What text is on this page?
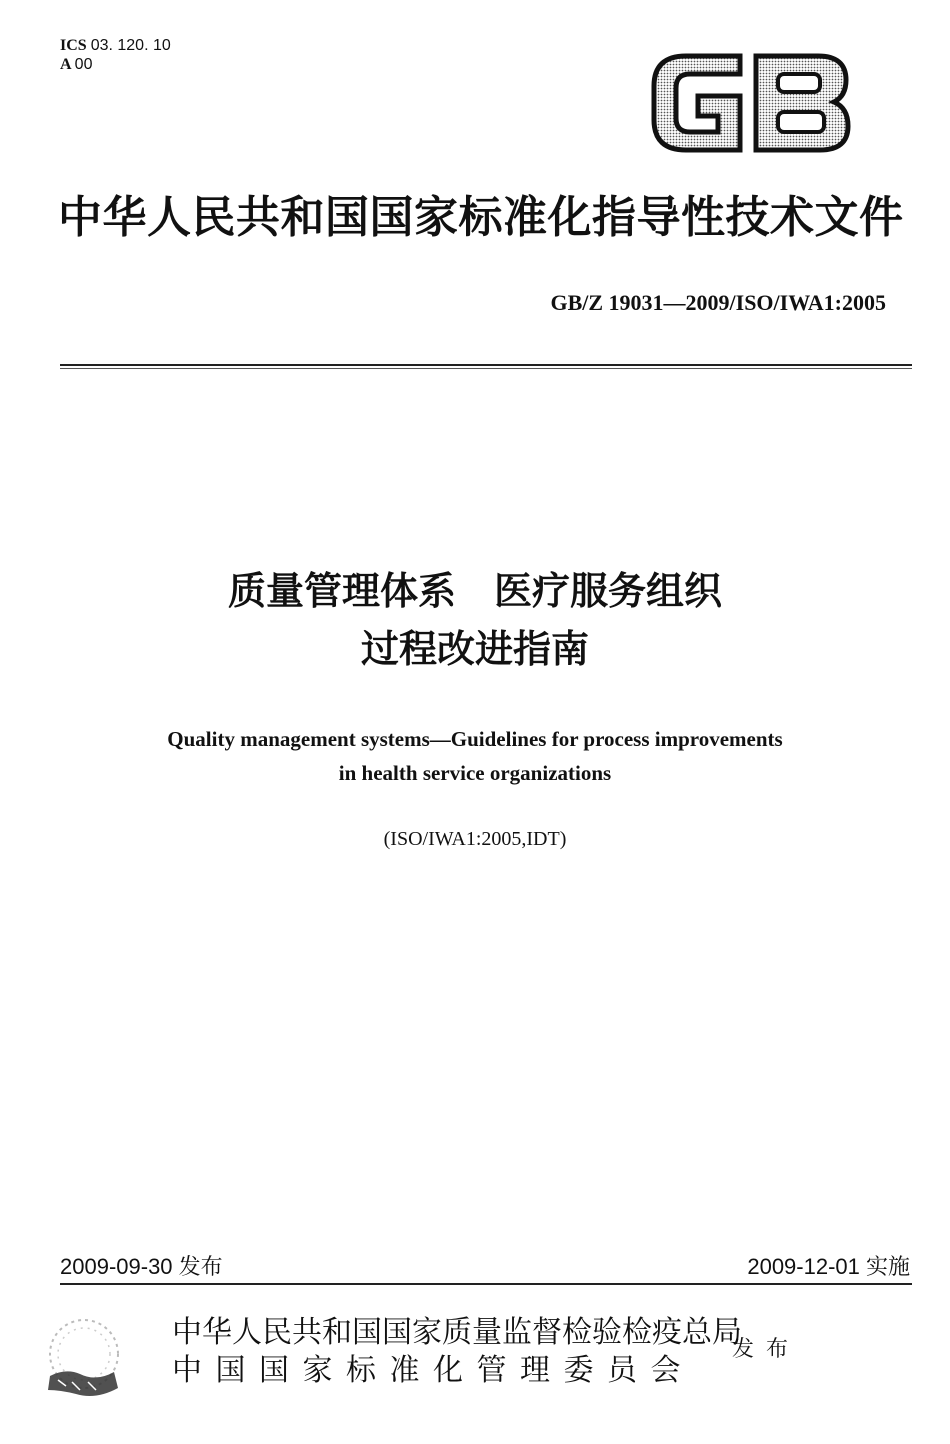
ICS 03. 120. 10
A 00
中华人民共和国国家标准化指导性技术文件
GB/Z 19031—2009/ISO/IWA1:2005
质量管理体系　医疗服务组织
过程改进指南
Quality management systems—Guidelines for process improvements
in health service organizations
(ISO/IWA1:2005,IDT)
2009-09-30 发布	2009-12-01 实施
中华人民共和国国家质量监督检验检疫总局
中国国家标准化管理委员会
发布
